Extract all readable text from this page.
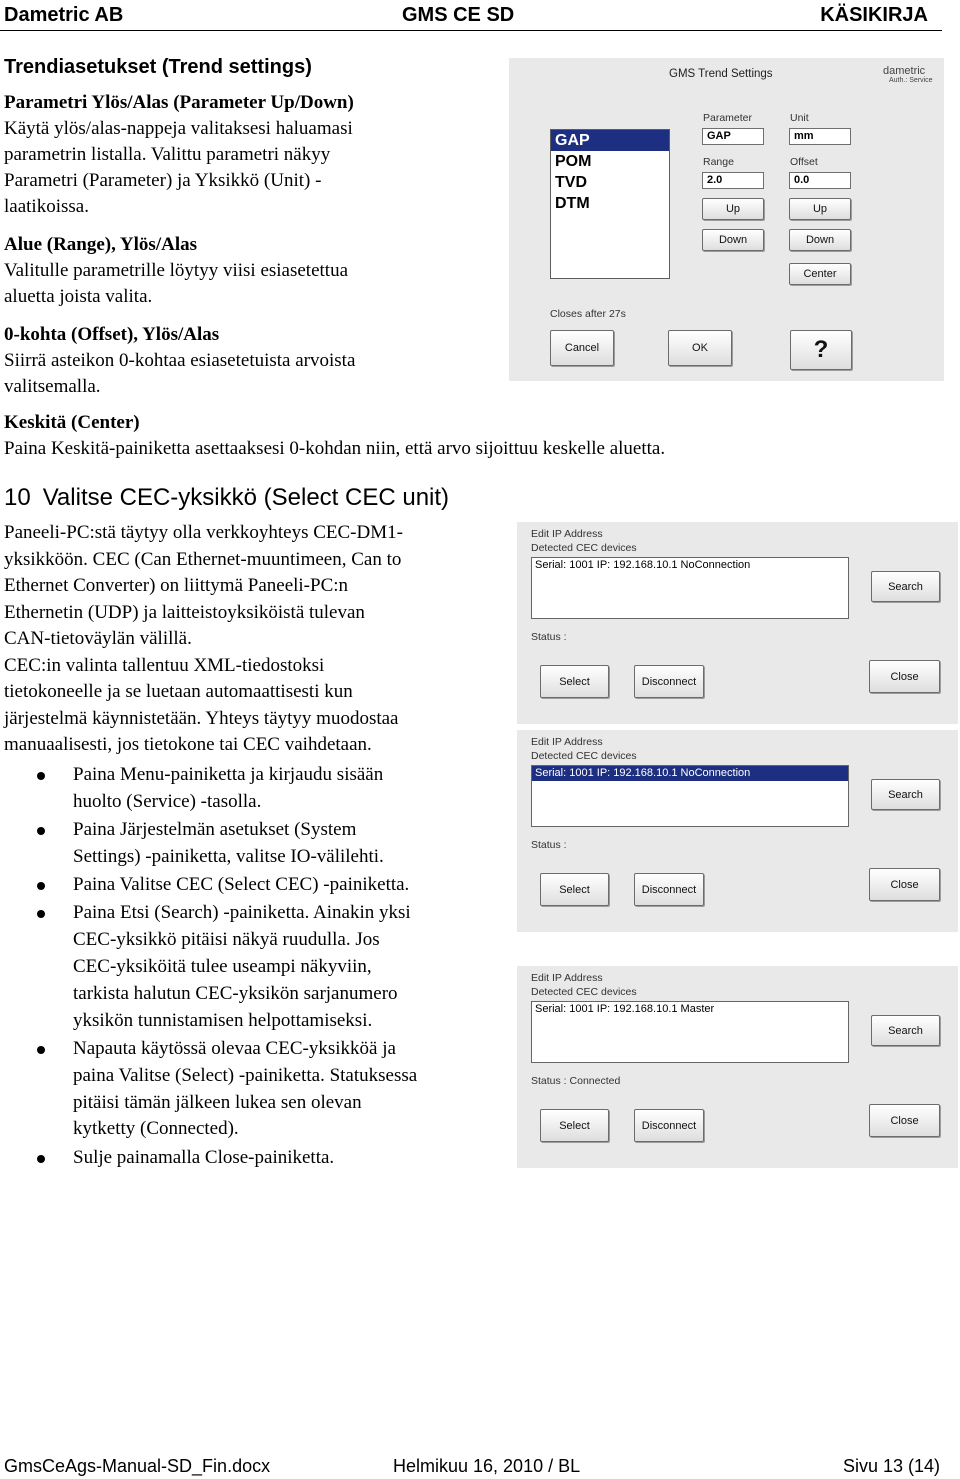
Dametric AB	GMS CE SD	KÄSIKIRJA
Trendiasetukset (Trend settings)
Parametri Ylös/Alas (Parameter Up/Down)
Käytä ylös/alas-nappeja valitaksesi haluamasi
parametrin listalla. Valittu parametri näkyy
Parametri (Parameter) ja Yksikkö (Unit) -
laatikoissa.
Alue (Range), Ylös/Alas
Valitulle parametrille löytyy viisi esiasetettua
aluetta joista valita.
0-kohta (Offset), Ylös/Alas
Siirrä asteikon 0-kohtaa esiasetetuista arvoista
valitsemalla.
Keskitä (Center)
Paina Keskitä-painiketta asettaaksesi 0-kohdan niin, että arvo sijoittuu keskelle aluetta.
GMS Trend Settings	dametric
Auth.: Service
GAP
POM
TVD
DTM
Parameter
GAP
Unit
mm
Range
2.0
Offset
0.0
Up	Up
Down	Down
Center
Closes after 27s
Cancel	OK	?
10 Valitse CEC-yksikkö (Select CEC unit)
Paneeli-PC:stä täytyy olla verkkoyhteys CEC-DM1-
yksikköön. CEC (Can Ethernet-muuntimeen, Can to
Ethernet Converter) on liittymä Paneeli-PC:n
Ethernetin (UDP) ja laitteistoyksiköistä tulevan
CAN-tietoväylän välillä.
CEC:in valinta tallentuu XML-tiedostoksi
tietokoneelle ja se luetaan automaattisesti kun
järjestelmä käynnistetään. Yhteys täytyy muodostaa
manuaalisesti, jos tietokone tai CEC vaihdetaan.
Paina Menu-painiketta ja kirjaudu sisään
huolto (Service) -tasolla.
Paina Järjestelmän asetukset (System
Settings) -painiketta, valitse IO-välilehti.
Paina Valitse CEC (Select CEC) -painiketta.
Paina Etsi (Search) -painiketta. Ainakin yksi
CEC-yksikkö pitäisi näkyä ruudulla. Jos
CEC-yksiköitä tulee useampi näkyviin,
tarkista halutun CEC-yksikön sarjanumero
yksikön tunnistamisen helpottamiseksi.
Napauta käytössä olevaa CEC-yksikköä ja
paina Valitse (Select) -painiketta. Statuksessa
pitäisi tämän jälkeen lukea sen olevan
kytketty (Connected).
Sulje painamalla Close-painiketta.
Edit IP Address
Detected CEC devices
Serial: 1001 IP: 192.168.10.1 NoConnection
Search
Status :
Select	Disconnect	Close
Edit IP Address
Detected CEC devices
Serial: 1001 IP: 192.168.10.1 NoConnection
Search
Status :
Select	Disconnect	Close
Edit IP Address
Detected CEC devices
Serial: 1001 IP: 192.168.10.1 Master
Search
Status : Connected
Select	Disconnect	Close
GmsCeAgs-Manual-SD_Fin.docx	Helmikuu 16, 2010 / BL	Sivu 13 (14)
